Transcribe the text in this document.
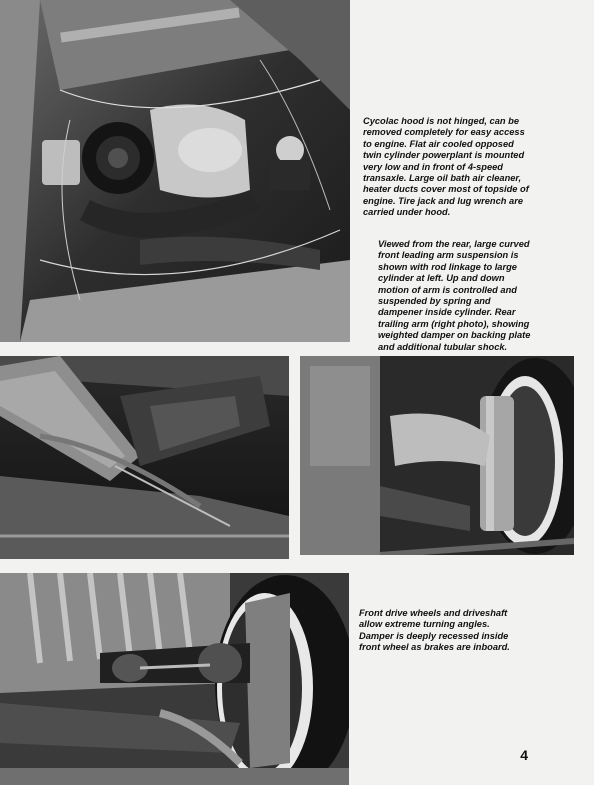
Cycolac hood is not hinged, can be removed completely for easy access to engine. Flat air cooled opposed twin cylinder powerplant is mounted very low and in front of 4-speed transaxle. Large oil bath air cleaner, heater ducts cover most of topside of engine. Tire jack and lug wrench are carried under hood.

Viewed from the rear, large curved front leading arm suspension is shown with rod linkage to large cylinder at left. Up and down motion of arm is controlled and suspended by spring and dampener inside cylinder. Rear trailing arm (right photo), showing weighted damper on backing plate and additional tubular shock.

Front drive wheels and driveshaft allow extreme turning angles. Damper is deeply recessed inside front wheel as brakes are inboard.

4
